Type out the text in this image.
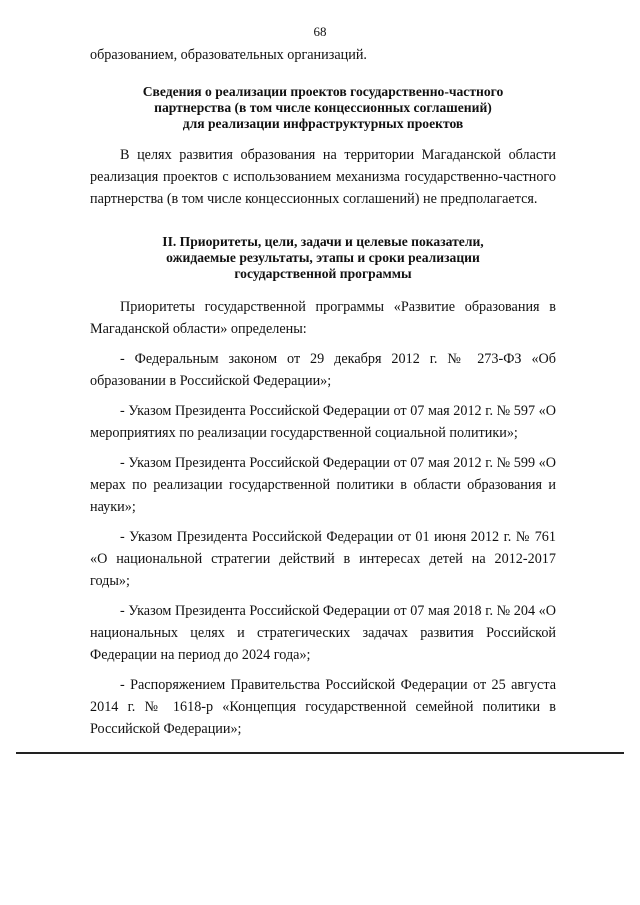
68

образованием, образовательных организаций.

Сведения о реализации проектов государственно-частного
партнерства (в том числе концессионных соглашений)
для реализации инфраструктурных проектов

В целях развития образования на территории Магаданской области реализация проектов с использованием механизма государственно-частного партнерства (в том числе концессионных соглашений) не предполагается.

II. Приоритеты, цели, задачи и целевые показатели,
ожидаемые результаты, этапы и сроки реализации
государственной программы

Приоритеты государственной программы «Развитие образования в Магаданской области» определены:

- Федеральным законом от 29 декабря 2012 г. № 273-ФЗ «Об образовании в Российской Федерации»;

- Указом Президента Российской Федерации от 07 мая 2012 г. № 597 «О мероприятиях по реализации государственной социальной политики»;

- Указом Президента Российской Федерации от 07 мая 2012 г. № 599 «О мерах по реализации государственной политики в области образования и науки»;

- Указом Президента Российской Федерации от 01 июня 2012 г. № 761 «О национальной стратегии действий в интересах детей на 2012-2017 годы»;

- Указом Президента Российской Федерации от 07 мая 2018 г. № 204 «О национальных целях и стратегических задачах развития Российской Федерации на период до 2024 года»;

- Распоряжением Правительства Российской Федерации от 25 августа 2014 г. № 1618-р «Концепция государственной семейной политики в Российской Федерации»;
